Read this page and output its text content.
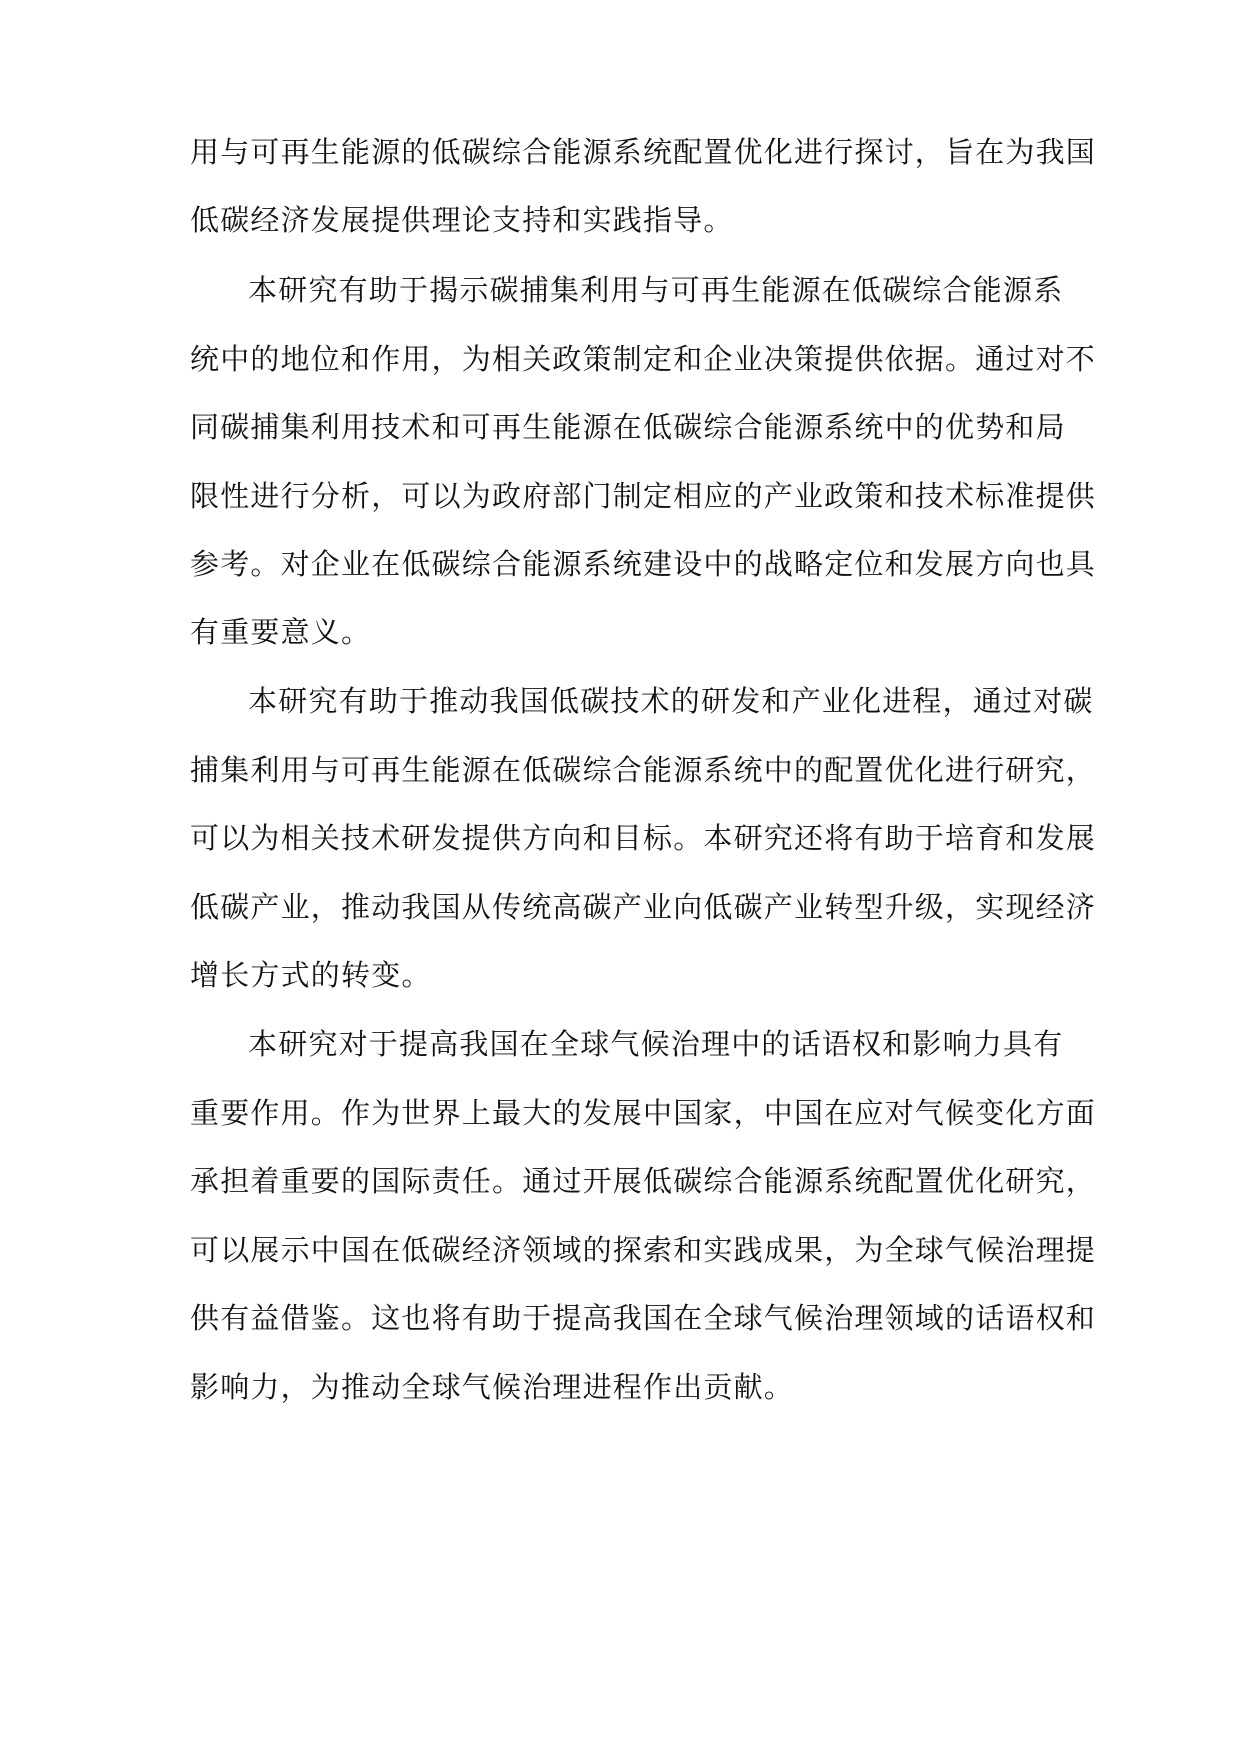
用与可再生能源的低碳综合能源系统配置优化进行探讨，旨在为我国
低碳经济发展提供理论支持和实践指导。
本研究有助于揭示碳捕集利用与可再生能源在低碳综合能源系
统中的地位和作用，为相关政策制定和企业决策提供依据。通过对不
同碳捕集利用技术和可再生能源在低碳综合能源系统中的优势和局
限性进行分析，可以为政府部门制定相应的产业政策和技术标准提供
参考。对企业在低碳综合能源系统建设中的战略定位和发展方向也具
有重要意义。
本研究有助于推动我国低碳技术的研发和产业化进程，通过对碳
捕集利用与可再生能源在低碳综合能源系统中的配置优化进行研究，
可以为相关技术研发提供方向和目标。本研究还将有助于培育和发展
低碳产业，推动我国从传统高碳产业向低碳产业转型升级，实现经济
增长方式的转变。
本研究对于提高我国在全球气候治理中的话语权和影响力具有
重要作用。作为世界上最大的发展中国家，中国在应对气候变化方面
承担着重要的国际责任。通过开展低碳综合能源系统配置优化研究，
可以展示中国在低碳经济领域的探索和实践成果，为全球气候治理提
供有益借鉴。这也将有助于提高我国在全球气候治理领域的话语权和
影响力，为推动全球气候治理进程作出贡献。
